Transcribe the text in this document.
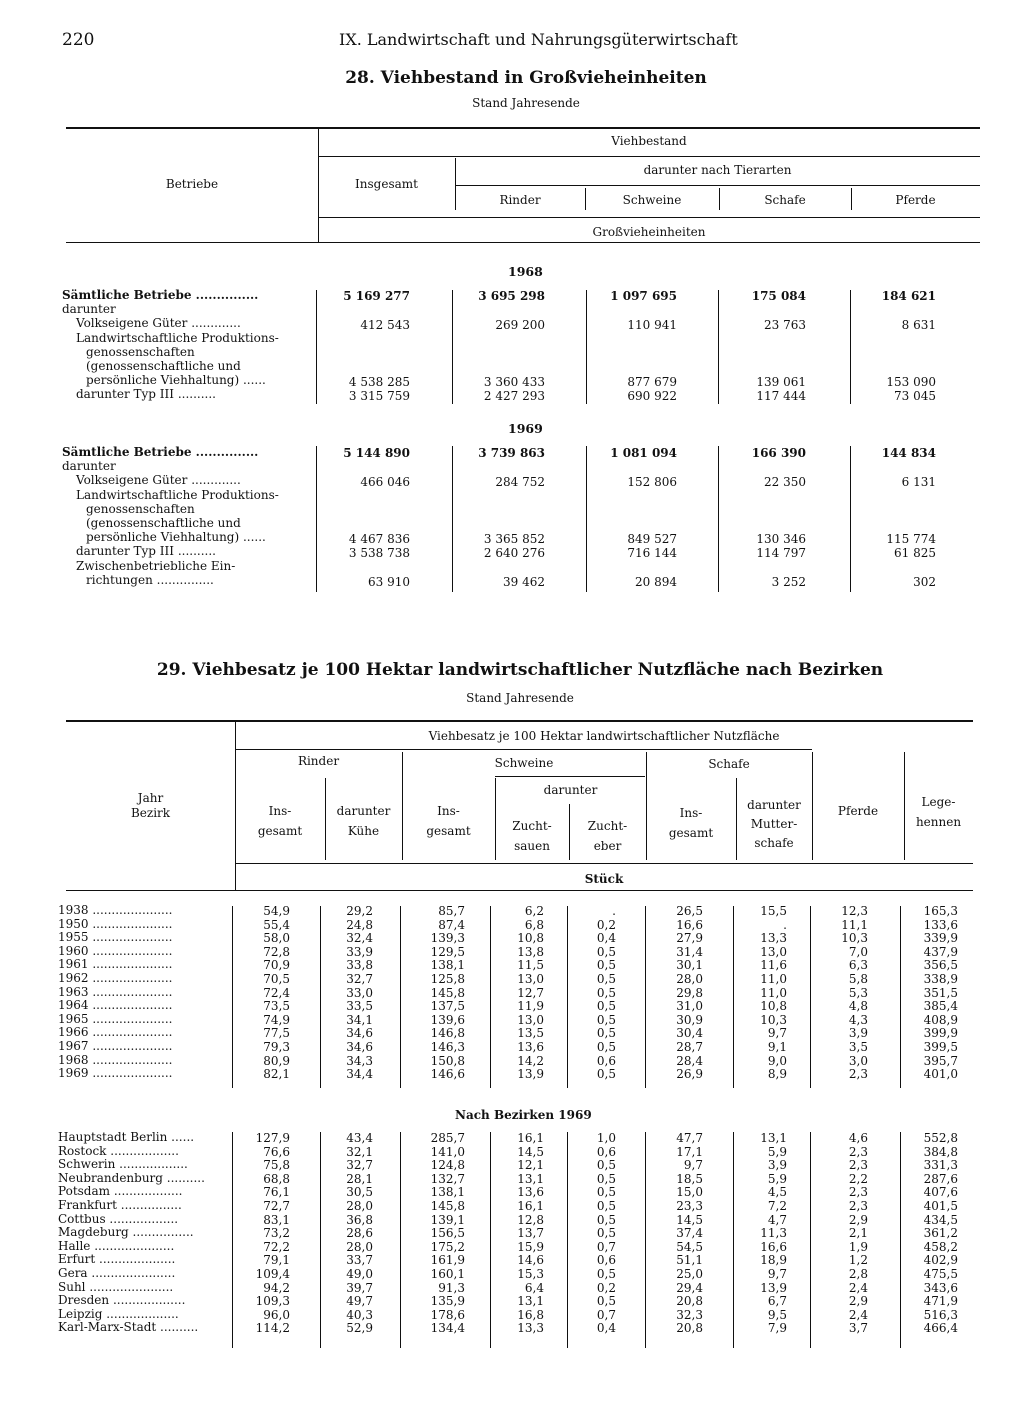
220	IX. Landwirtschaft und Nahrungsgüterwirtschaft
28. Viehbestand in Großvieheinheiten
Stand Jahresende
Betriebe
Viehbestand
Insgesamt
darunter nach Tierarten
Rinder	Schweine	Schafe	Pferde
Großvieheinheiten
1968
1969
Sämtliche Betriebe ...............	5 169 277	3 695 298	1 097 695	175 084	184 621
darunter
Volkseigene Güter .............	412 543	269 200	110 941	23 763	8 631
Landwirtschaftliche Produktions-
genossenschaften
(genossenschaftliche und
persönliche Viehhaltung) ......	4 538 285	3 360 433	877 679	139 061	153 090
darunter Typ III ..........	3 315 759	2 427 293	690 922	117 444	73 045
Sämtliche Betriebe ...............	5 144 890	3 739 863	1 081 094	166 390	144 834
darunter
Volkseigene Güter .............	466 046	284 752	152 806	22 350	6 131
Landwirtschaftliche Produktions-
genossenschaften
(genossenschaftliche und
persönliche Viehhaltung) ......	4 467 836	3 365 852	849 527	130 346	115 774
darunter Typ III ..........	3 538 738	2 640 276	716 144	114 797	61 825
Zwischenbetriebliche Ein-
richtungen ...............	63 910	39 462	20 894	3 252	302
29. Viehbesatz je 100 Hektar landwirtschaftlicher Nutzfläche nach Bezirken
Stand Jahresende
Jahr
Bezirk
Viehbesatz je 100 Hektar landwirtschaftlicher Nutzfläche
Rinder	Schweine	Schafe
Pferde
Lege-
hennen
Ins-
gesamt
darunter
Kühe
Ins-
gesamt
darunter
Zucht-
sauen
Zucht-
eber
Ins-
gesamt
darunter
Mutter-
schafe
Stück
Nach Bezirken 1969
1938 .....................	54,9	29,2	85,7	6,2	.	26,5	15,5	12,3	165,3
1950 .....................	55,4	24,8	87,4	6,8	0,2	16,6	.	11,1	133,6
1955 .....................	58,0	32,4	139,3	10,8	0,4	27,9	13,3	10,3	339,9
1960 .....................	72,8	33,9	129,5	13,8	0,5	31,4	13,0	7,0	437,9
1961 .....................	70,9	33,8	138,1	11,5	0,5	30,1	11,6	6,3	356,5
1962 .....................	70,5	32,7	125,8	13,0	0,5	28,0	11,0	5,8	338,9
1963 .....................	72,4	33,0	145,8	12,7	0,5	29,8	11,0	5,3	351,5
1964 .....................	73,5	33,5	137,5	11,9	0,5	31,0	10,8	4,8	385,4
1965 .....................	74,9	34,1	139,6	13,0	0,5	30,9	10,3	4,3	408,9
1966 .....................	77,5	34,6	146,8	13,5	0,5	30,4	9,7	3,9	399,9
1967 .....................	79,3	34,6	146,3	13,6	0,5	28,7	9,1	3,5	399,5
1968 .....................	80,9	34,3	150,8	14,2	0,6	28,4	9,0	3,0	395,7
1969 .....................	82,1	34,4	146,6	13,9	0,5	26,9	8,9	2,3	401,0
Hauptstadt Berlin ......	127,9	43,4	285,7	16,1	1,0	47,7	13,1	4,6	552,8
Rostock ..................	76,6	32,1	141,0	14,5	0,6	17,1	5,9	2,3	384,8
Schwerin ..................	75,8	32,7	124,8	12,1	0,5	9,7	3,9	2,3	331,3
Neubrandenburg ..........	68,8	28,1	132,7	13,1	0,5	18,5	5,9	2,2	287,6
Potsdam ..................	76,1	30,5	138,1	13,6	0,5	15,0	4,5	2,3	407,6
Frankfurt ................	72,7	28,0	145,8	16,1	0,5	23,3	7,2	2,3	401,5
Cottbus ..................	83,1	36,8	139,1	12,8	0,5	14,5	4,7	2,9	434,5
Magdeburg ................	73,2	28,6	156,5	13,7	0,5	37,4	11,3	2,1	361,2
Halle .....................	72,2	28,0	175,2	15,9	0,7	54,5	16,6	1,9	458,2
Erfurt ....................	79,1	33,7	161,9	14,6	0,6	51,1	18,9	1,2	402,9
Gera ......................	109,4	49,0	160,1	15,3	0,5	25,0	9,7	2,8	475,5
Suhl ......................	94,2	39,7	91,3	6,4	0,2	29,4	13,9	2,4	343,6
Dresden ...................	109,3	49,7	135,9	13,1	0,5	20,8	6,7	2,9	471,9
Leipzig ...................	96,0	40,3	178,6	16,8	0,7	32,3	9,5	2,4	516,3
Karl-Marx-Stadt ..........	114,2	52,9	134,4	13,3	0,4	20,8	7,9	3,7	466,4
